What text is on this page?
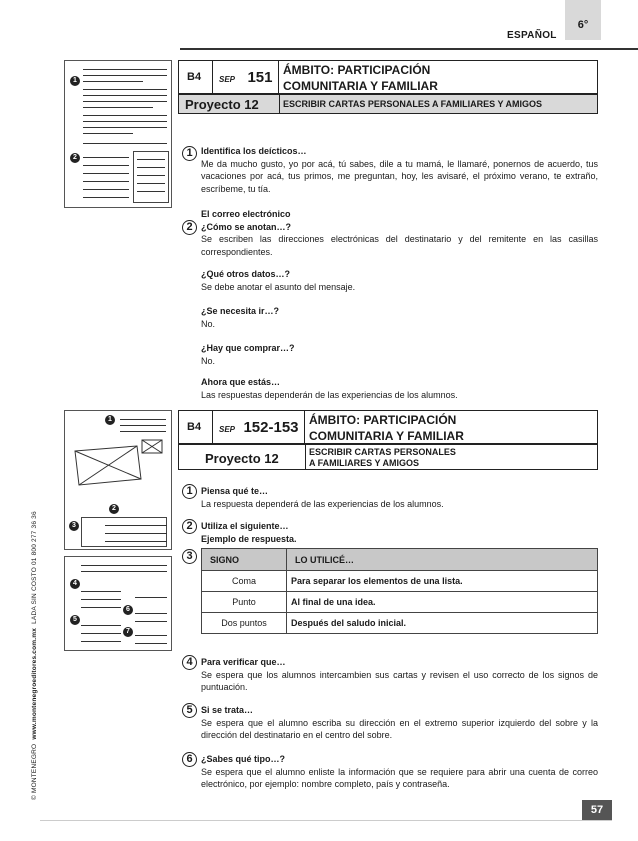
ESPAÑOL
6°
1
2
B4	SEP 151 ÁMBITO: PARTICIPACIÓN
COMUNITARIA Y FAMILIAR
Proyecto 12	ESCRIBIR CARTAS PERSONALES A FAMILIARES Y AMIGOS
1 Identifica los deícticos…
Me da mucho gusto, yo por acá, tú sabes, dile a tu mamá, le llamaré, ponernos de acuerdo, tus vacaciones por acá, tus primos, me preguntan, hoy, les avisaré, el próximo verano, te extraño, escríbeme, tu tía.
2
El correo electrónico
¿Cómo se anotan…?
Se escriben las direcciones electrónicas del destinatario y del remitente en las casillas correspondientes.
¿Qué otros datos…?
Se debe anotar el asunto del mensaje.
¿Se necesita ir…?
No.
¿Hay que comprar…?
No.
Ahora que estás…
Las respuestas dependerán de las experiencias de los alumnos.
1
2
3
4
5
6
7
B4	SEP 152-153 ÁMBITO: PARTICIPACIÓN
COMUNITARIA Y FAMILIAR
Proyecto 12	ESCRIBIR CARTAS PERSONALES
A FAMILIARES Y AMIGOS
1 Piensa qué te…
La respuesta dependerá de las experiencias de los alumnos.
2 Utiliza el siguiente…
Ejemplo de respuesta.
3	SIGNO	LO UTILICÉ…
Coma	Para separar los elementos de una lista.
Punto	Al final de una idea.
Dos puntos	Después del saludo inicial.
4 Para verificar que…
Se espera que los alumnos intercambien sus cartas y revisen el uso correcto de los signos de puntuación.
5 Si se trata…
Se espera que el alumno escriba su dirección en el extremo superior izquierdo del sobre y la dirección del destinatario en el centro del sobre.
6 ¿Sabes qué tipo…?
Se espera que el alumno enliste la información que se requiere para abrir una cuenta de correo electrónico, por ejemplo: nombre completo, país y contraseña.
© MONTENEGRO  www.montenegroeditores.com.mx  LADA SIN COSTO 01 800 277 36 36
57
